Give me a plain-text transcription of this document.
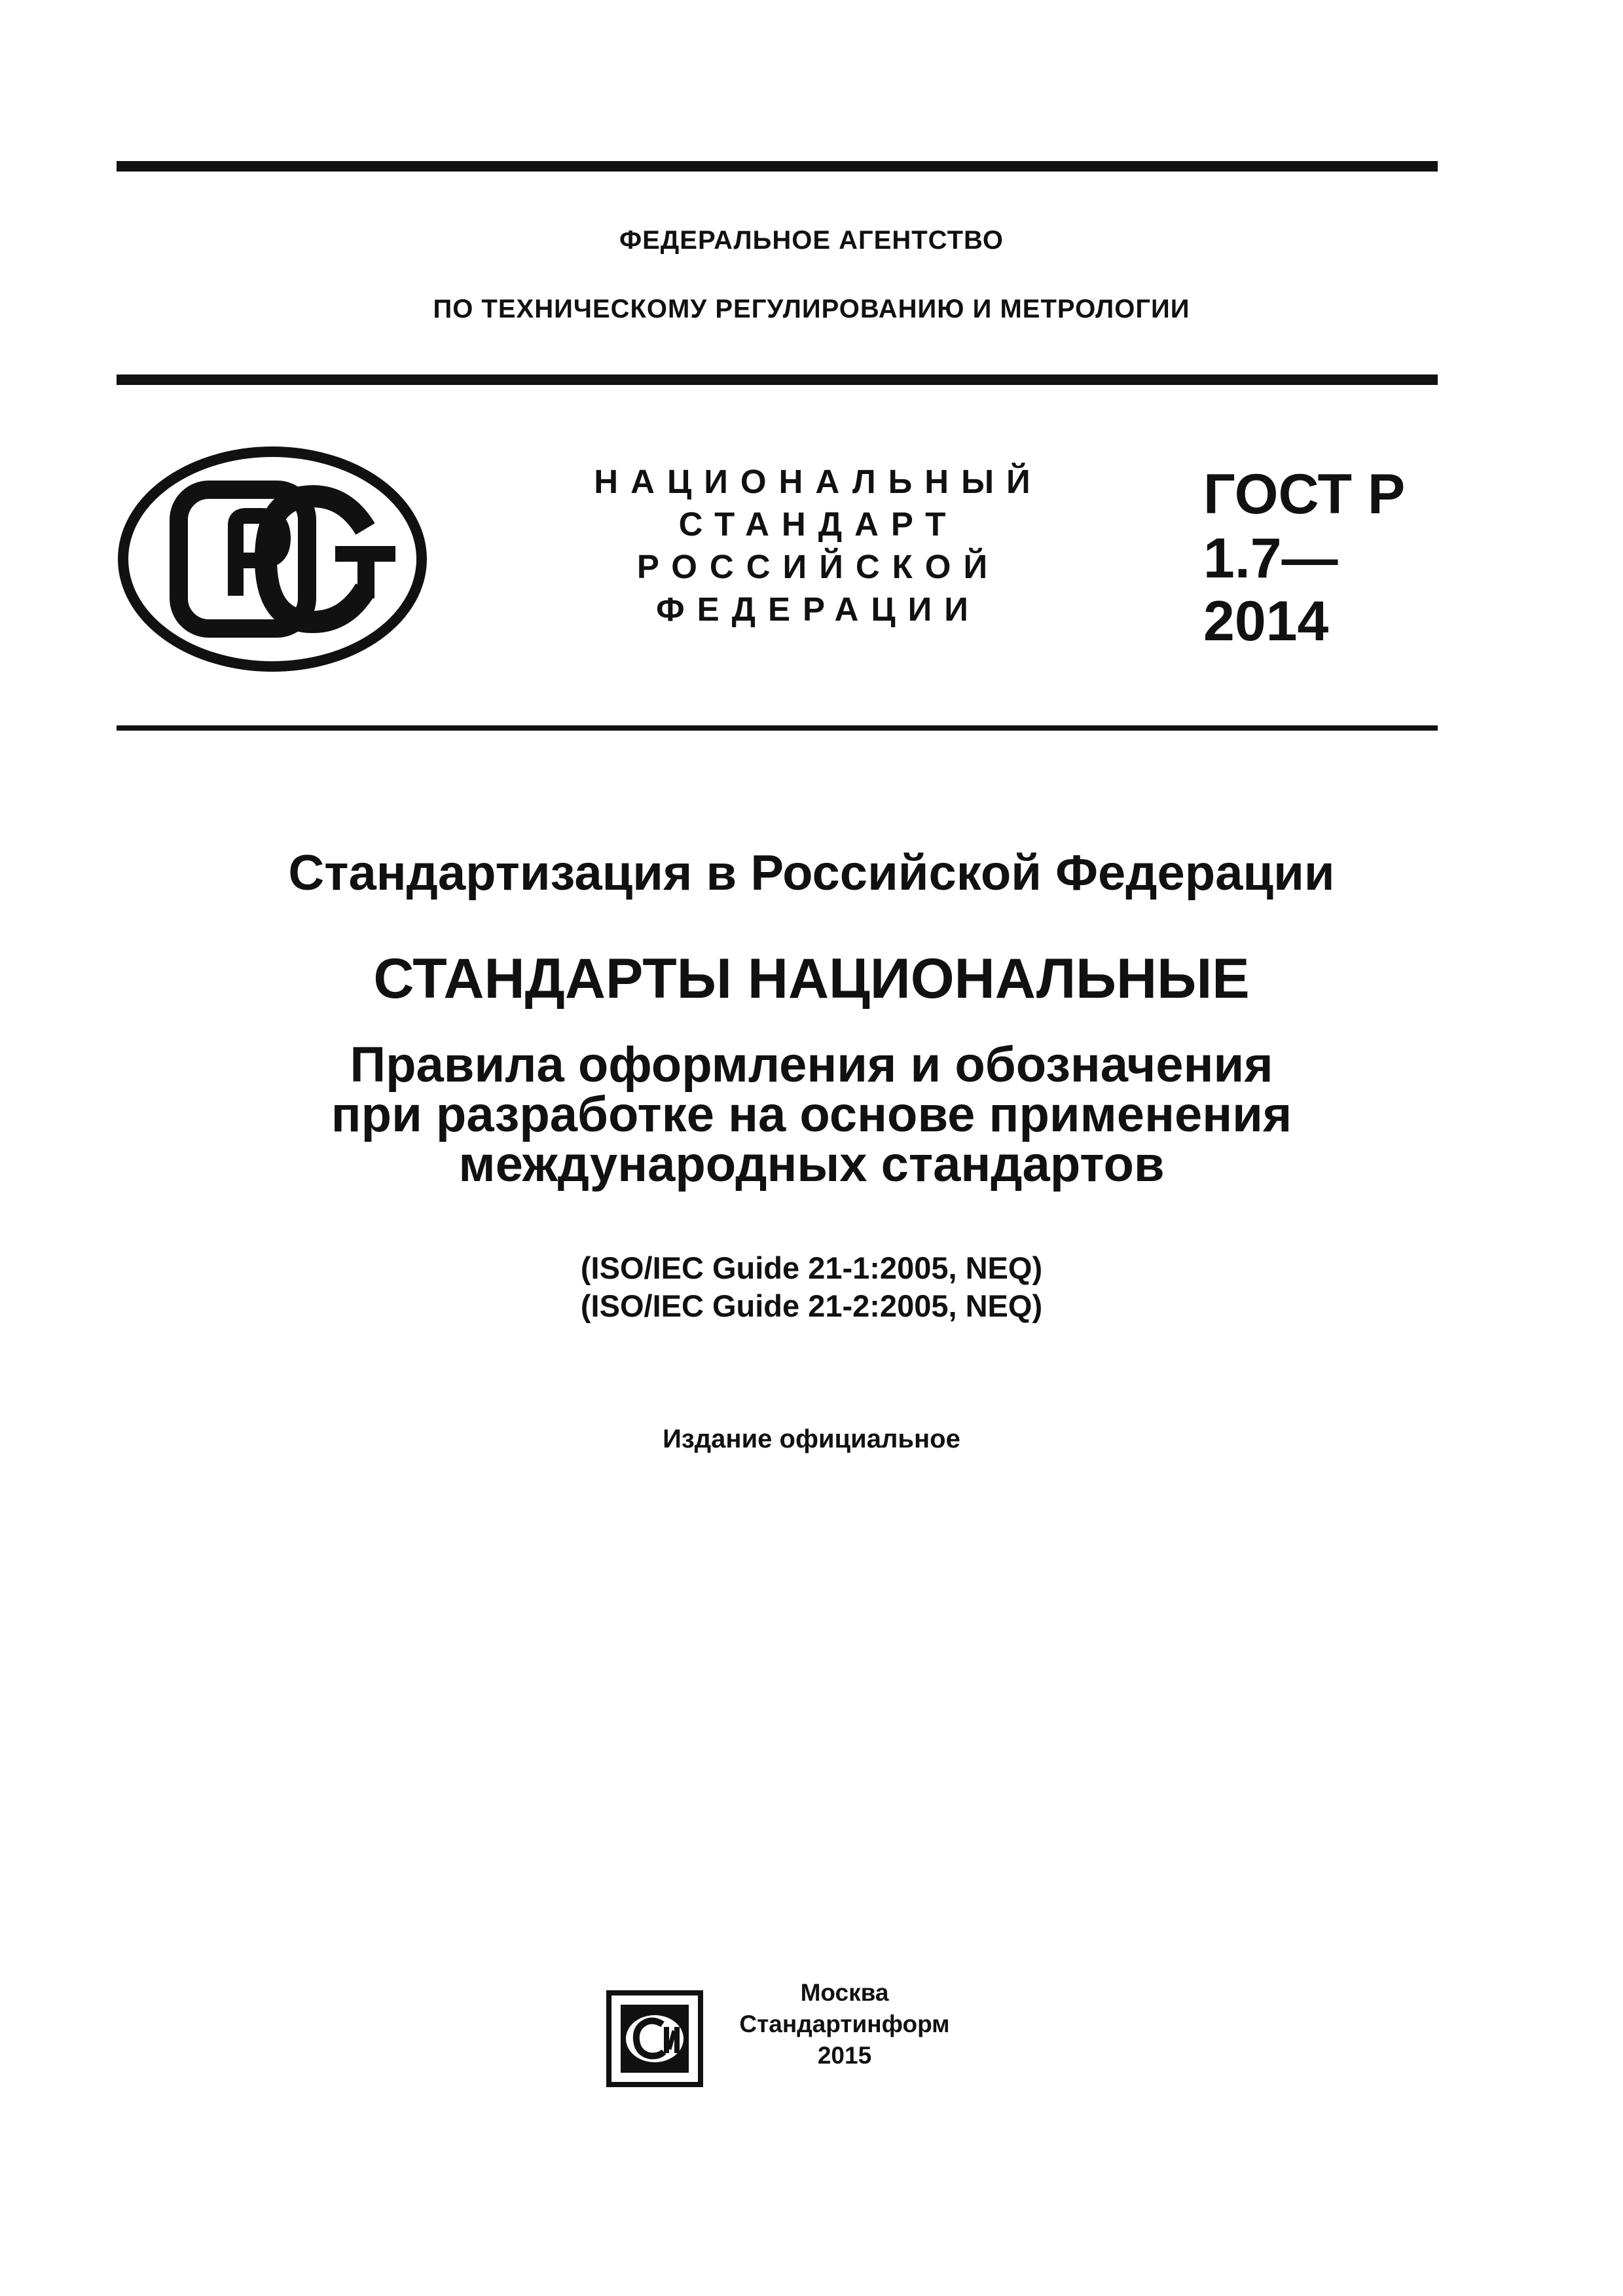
ФЕДЕРАЛЬНОЕ АГЕНТСТВО
ПО ТЕХНИЧЕСКОМУ РЕГУЛИРОВАНИЮ И МЕТРОЛОГИИ
НАЦИОНАЛЬНЫЙ
СТАНДАРТ
РОССИЙСКОЙ
ФЕДЕРАЦИИ
ГОСТ Р
1.7—
2014
Стандартизация в Российской Федерации
СТАНДАРТЫ НАЦИОНАЛЬНЫЕ
Правила оформления и обозначения
при разработке на основе применения
международных стандартов
(ISO/IEC Guide 21-1:2005, NEQ)
(ISO/IEC Guide 21-2:2005, NEQ)
Издание официальное
Москва
Стандартинформ
2015
